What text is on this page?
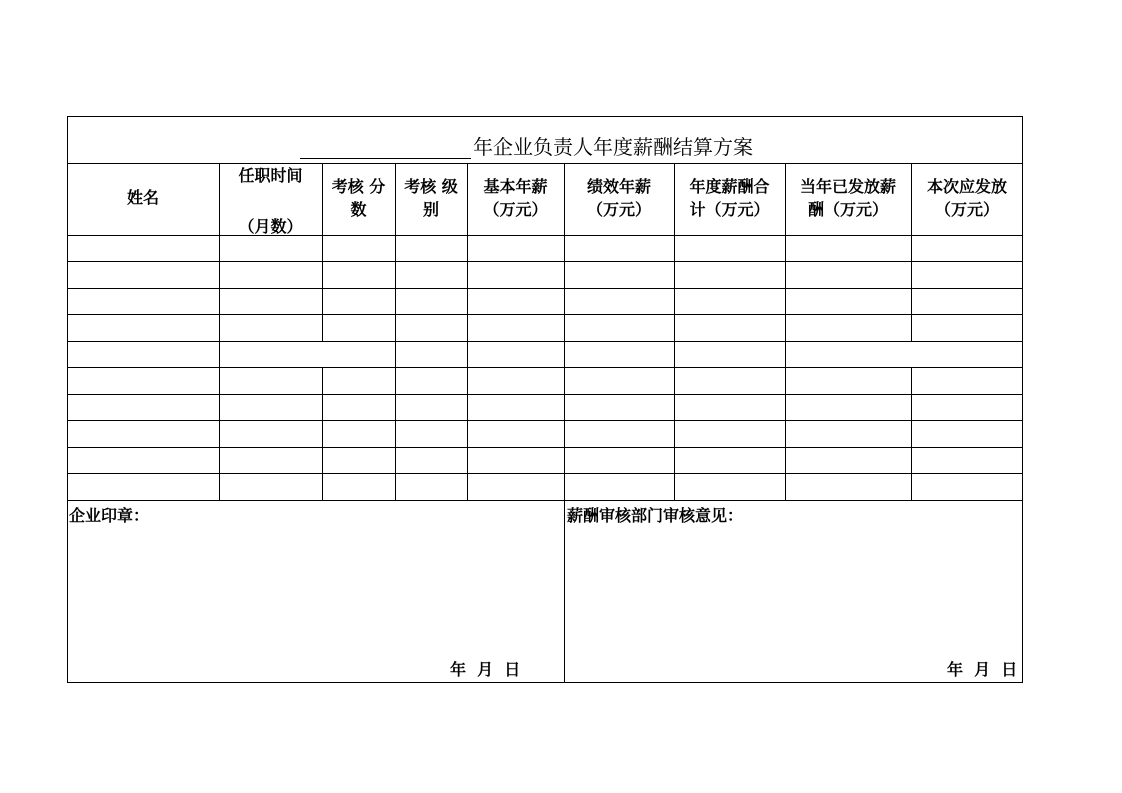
年企业负责人年度薪酬结算方案
姓名
任职时间
（月数）
考核 分
数
考核 级
别
基本年薪
（万元）
绩效年薪
（万元）
年度薪酬合
计（万元）
当年已发放薪
酬（万元）
本次应发放
（万元）
企业印章：	薪酬审核部门审核意见：
年  月  日	年  月  日
